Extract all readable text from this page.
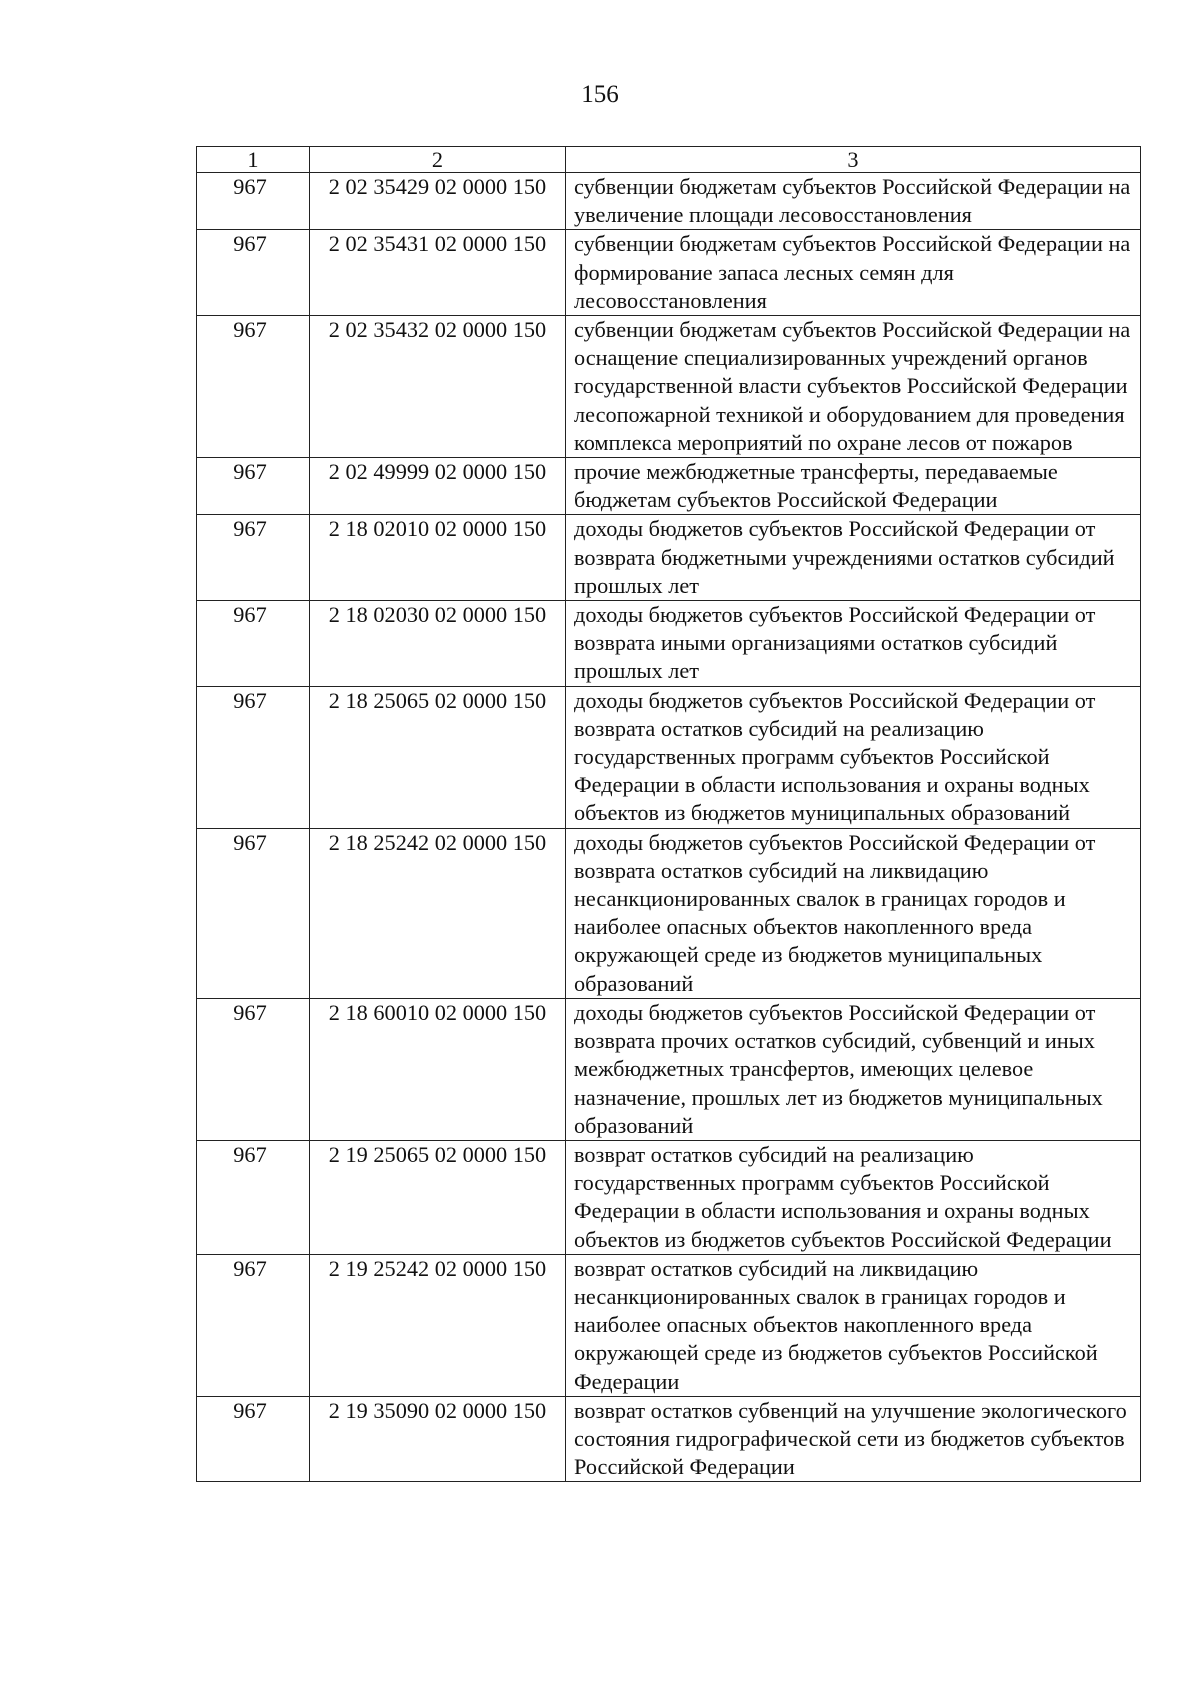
156
1	2	3
967	2 02 35429 02 0000 150	субвенции бюджетам субъектов Российской Федерации на увеличение площади лесовосстановления
967	2 02 35431 02 0000 150	субвенции бюджетам субъектов Российской Федерации на формирование запаса лесных семян для лесовосстановления
967	2 02 35432 02 0000 150	субвенции бюджетам субъектов Российской Федерации на оснащение специализированных учреждений органов государственной власти субъектов Российской Федерации лесопожарной техникой и оборудованием для проведения комплекса мероприятий по охране лесов от пожаров
967	2 02 49999 02 0000 150	прочие межбюджетные трансферты, передаваемые бюджетам субъектов Российской Федерации
967	2 18 02010 02 0000 150	доходы бюджетов субъектов Российской Федерации от возврата бюджетными учреждениями остатков субсидий прошлых лет
967	2 18 02030 02 0000 150	доходы бюджетов субъектов Российской Федерации от возврата иными организациями остатков субсидий прошлых лет
967	2 18 25065 02 0000 150	доходы бюджетов субъектов Российской Федерации от возврата остатков субсидий на реализацию государственных программ субъектов Российской Федерации в области использования и охраны водных объектов из бюджетов муниципальных образований
967	2 18 25242 02 0000 150	доходы бюджетов субъектов Российской Федерации от возврата остатков субсидий на ликвидацию несанкционированных свалок в границах городов и наиболее опасных объектов накопленного вреда окружающей среде из бюджетов муниципальных образований
967	2 18 60010 02 0000 150	доходы бюджетов субъектов Российской Федерации от возврата прочих остатков субсидий, субвенций и иных межбюджетных трансфертов, имеющих целевое назначение, прошлых лет из бюджетов муниципальных образований
967	2 19 25065 02 0000 150	возврат остатков субсидий на реализацию государственных программ субъектов Российской Федерации в области использования и охраны водных объектов из бюджетов субъектов Российской Федерации
967	2 19 25242 02 0000 150	возврат остатков субсидий на ликвидацию несанкционированных свалок в границах городов и наиболее опасных объектов накопленного вреда окружающей среде из бюджетов субъектов Российской Федерации
967	2 19 35090 02 0000 150	возврат остатков субвенций на улучшение экологического состояния гидрографической сети из бюджетов субъектов Российской Федерации
